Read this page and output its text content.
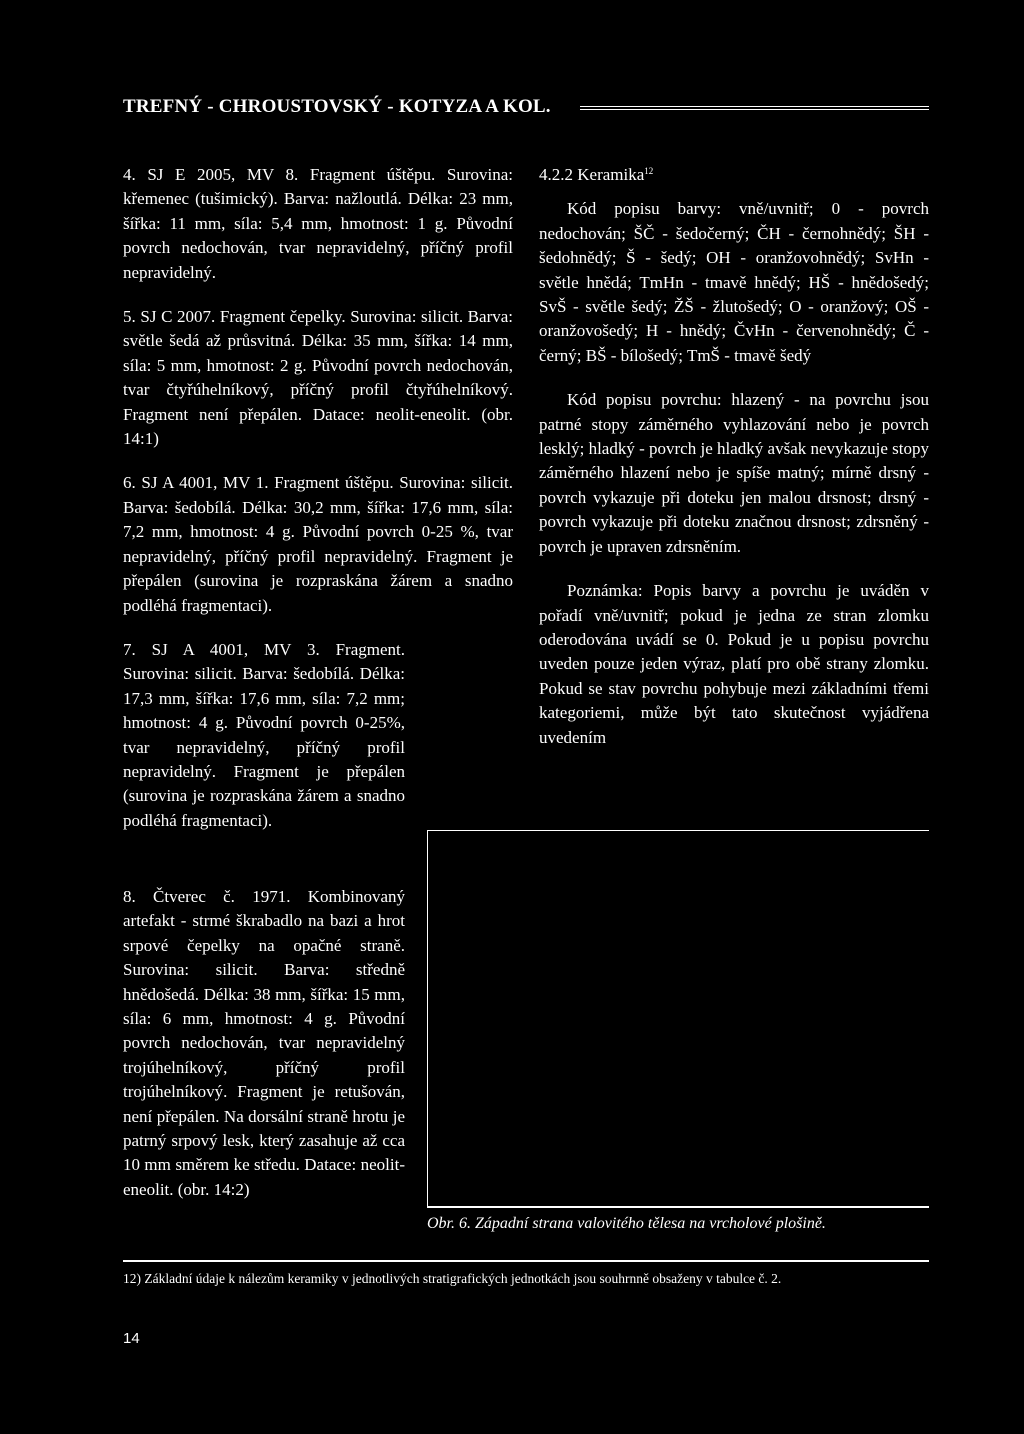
TREFNÝ - CHROUSTOVSKÝ - KOTYZA A KOL.

4. SJ E 2005, MV 8. Fragment úštěpu. Surovina: křemenec (tušimický). Barva: nažloutlá. Délka: 23 mm, šířka: 11 mm, síla: 5,4 mm, hmotnost: 1 g. Původní povrch nedochován, tvar nepravidelný, příčný profil nepravidelný.

5. SJ C 2007. Fragment čepelky. Surovina: silicit. Barva: světle šedá až průsvitná. Délka: 35 mm, šířka: 14 mm, síla: 5 mm, hmotnost: 2 g. Původní povrch nedochován, tvar čtyřúhelníkový, příčný profil čtyřúhelníkový. Fragment není přepálen. Datace: neolit-eneolit. (obr. 14:1)

6. SJ A 4001, MV 1. Fragment úštěpu. Surovina: silicit. Barva: šedobílá. Délka: 30,2 mm, šířka: 17,6 mm, síla: 7,2 mm, hmotnost: 4 g. Původní povrch 0-25 %, tvar nepravidelný, příčný profil nepravidelný. Fragment je přepálen (surovina je rozpraskána žárem a snadno podléhá fragmentaci).

7. SJ A 4001, MV 3. Fragment. Surovina: silicit. Barva: šedobílá. Délka: 17,3 mm, šířka: 17,6 mm, síla: 7,2 mm; hmotnost: 4 g. Původní povrch 0-25%, tvar nepravidelný, příčný profil nepravidelný. Fragment je přepálen (surovina je rozpraskána žárem a snadno podléhá fragmentaci).

8. Čtverec č. 1971. Kombinovaný artefakt - strmé škrabadlo na bazi a hrot srpové čepelky na opačné straně. Surovina: silicit. Barva: středně hnědošedá. Délka: 38 mm, šířka: 15 mm, síla: 6 mm, hmotnost: 4 g. Původní povrch nedochován, tvar nepravidelný trojúhelníkový, příčný profil trojúhelníkový. Fragment je retušován, není přepálen. Na dorsální straně hrotu je patrný srpový lesk, který zasahuje až cca 10 mm směrem ke středu. Datace: neolit-eneolit. (obr. 14:2)

4.2.2 Keramika$^{12}$

Kód popisu barvy: vně/uvnitř; 0 - povrch nedochován; ŠČ - šedočerný; ČH - černohnědý; ŠH - šedohnědý; Š - šedý; OH - oranžovohnědý; SvHn - světle hnědá; TmHn - tmavě hnědý; HŠ - hnědošedý; SvŠ - světle šedý; ŽŠ - žlutošedý; O - oranžový; OŠ - oranžovošedý; H - hnědý; ČvHn - červenohnědý; Č - černý; BŠ - bílošedý; TmŠ - tmavě šedý

Kód popisu povrchu: hlazený - na povrchu jsou patrné stopy záměrného vyhlazování nebo je povrch lesklý; hladký - povrch je hladký avšak nevykazuje stopy záměrného hlazení nebo je spíše matný; mírně drsný - povrch vykazuje při doteku jen malou drsnost; drsný - povrch vykazuje při doteku značnou drsnost; zdrsněný - povrch je upraven zdrsněním.

Poznámka: Popis barvy a povrchu je uváděn v pořadí vně/uvnitř; pokud je jedna ze stran zlomku oderodována uvádí se 0. Pokud je u popisu povrchu uveden pouze jeden výraz, platí pro obě strany zlomku. Pokud se stav povrchu pohybuje mezi základními třemi kategoriemi, může být tato skutečnost vyjádřena uvedením

Obr. 6. Západní strana valovitého tělesa na vrcholové plošině.
12) Základní údaje k nálezům keramiky v jednotlivých stratigrafických jednotkách jsou souhrnně obsaženy v tabulce č. 2.
14
